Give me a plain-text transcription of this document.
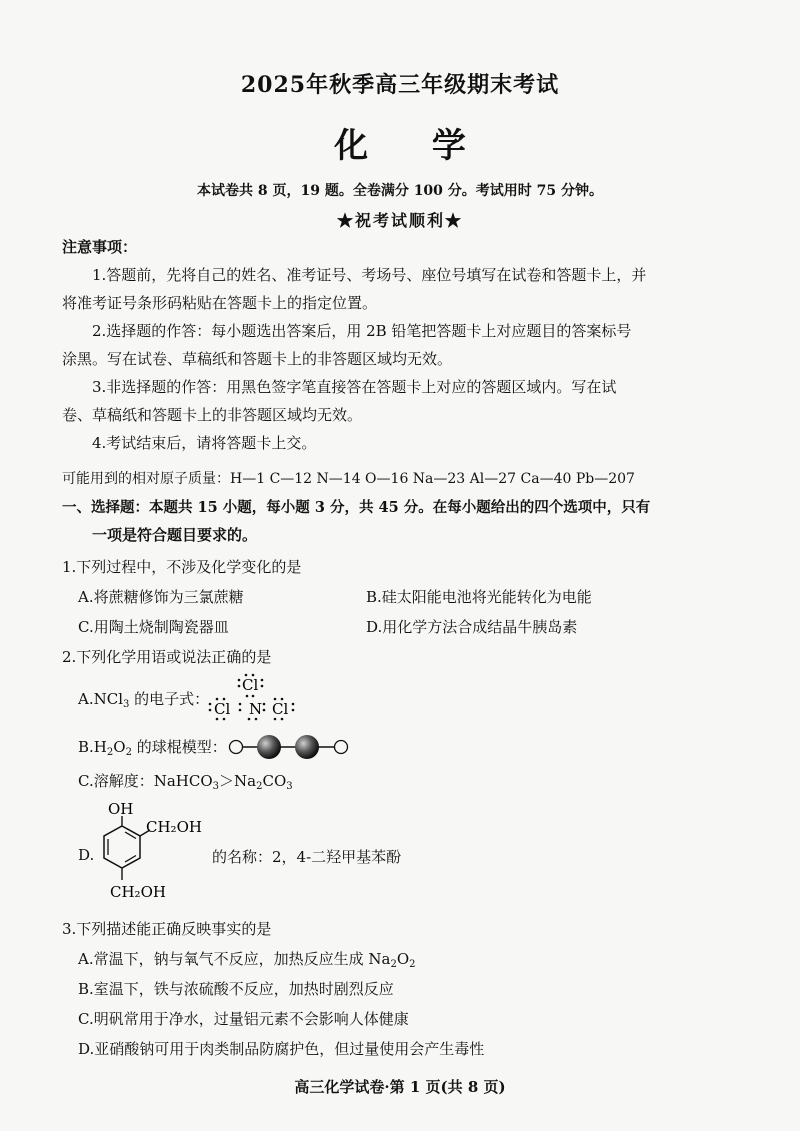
2025年秋季高三年级期末考试
化 学
本试卷共 8 页，19 题。全卷满分 100 分。考试用时 75 分钟。
★祝考试顺利★
注意事项：
1.答题前，先将自己的姓名、准考证号、考场号、座位号填写在试卷和答题卡上，并
将准考证号条形码粘贴在答题卡上的指定位置。
2.选择题的作答：每小题选出答案后，用 2B 铅笔把答题卡上对应题目的答案标号
涂黑。写在试卷、草稿纸和答题卡上的非答题区域均无效。
3.非选择题的作答：用黑色签字笔直接答在答题卡上对应的答题区域内。写在试
卷、草稿纸和答题卡上的非答题区域均无效。
4.考试结束后，请将答题卡上交。
可能用到的相对原子质量：H—1 C—12 N—14 O—16 Na—23 Al—27 Ca—40 Pb—207
一、选择题：本题共 15 小题，每小题 3 分，共 45 分。在每小题给出的四个选项中，只有
一项是符合题目要求的。
1.下列过程中，不涉及化学变化的是
A.将蔗糖修饰为三氯蔗糖	B.硅太阳能电池将光能转化为电能
C.用陶土烧制陶瓷器皿	D.用化学方法合成结晶牛胰岛素
2.下列化学用语或说法正确的是
A.NCl$_3$ 的电子式：
Cl
Cl N Cl
$B.H_2O_2$ 的球棍模型：
C.溶解度：$NaHCO_3>Na_2CO_3$
D.
OH
CH₂OH
CH₂OH
的名称：2，4-二羟甲基苯酚
3.下列描述能正确反映事实的是
A.常温下，钠与氧气不反应，加热反应生成 $Na_2O_2$
B.室温下，铁与浓硫酸不反应，加热时剧烈反应
C.明矾常用于净水，过量铝元素不会影响人体健康
D.亚硝酸钠可用于肉类制品防腐护色，但过量使用会产生毒性
高三化学试卷·第 1 页(共 8 页)
